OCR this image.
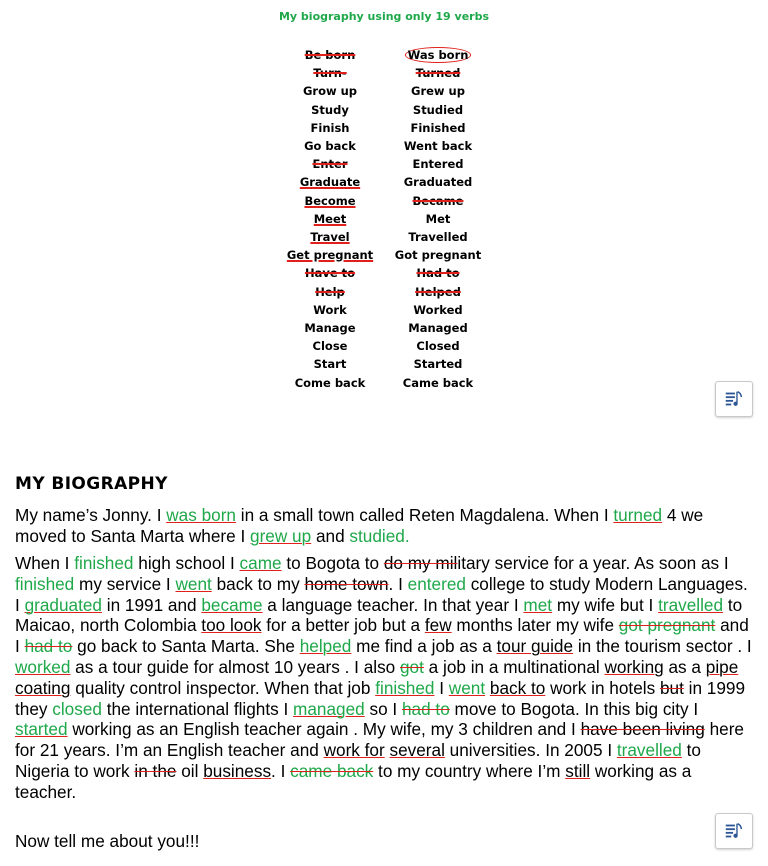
My biography using only 19 verbs
Be born	Was born
Turn-	Turned
Grow up	Grew up
Study	Studied
Finish	Finished
Go back	Went back
Enter	Entered
Graduate	Graduated
Become	Became
Meet	Met
Travel	Travelled
Get pregnant	Got pregnant
Have to	Had to
Help	Helped
Work	Worked
Manage	Managed
Close	Closed
Start	Started
Come back	Came back
MY BIOGRAPHY
My name’s Jonny. I was born in a small town called Reten Magdalena. When I turned 4 we moved to Santa Marta where I grew up and studied.
When I finished high school I came to Bogota to do my military service for a year. As soon as I finished my service I went back to my home town. I entered college to study Modern Languages. I graduated in 1991 and became a language teacher. In that year I met my wife but I travelled to Maicao, north Colombia too look for a better job but a few months later my wife got pregnant and I had to go back to Santa Marta. She helped me find a job as a tour guide in the tourism sector . I worked as a tour guide for almost 10 years . I also got a job in a multinational working as a pipe coating quality control inspector. When that job finished I went back to work in hotels but in 1999 they closed the international flights I managed so I had to move to Bogota. In this big city I started working as an English teacher again . My wife, my 3 children and I have been living here for 21 years. I’m an English teacher and work for several universities. In 2005 I travelled to Nigeria to work in the oil business. I came back to my country where I’m still working as a teacher.
Now tell me about you!!!
